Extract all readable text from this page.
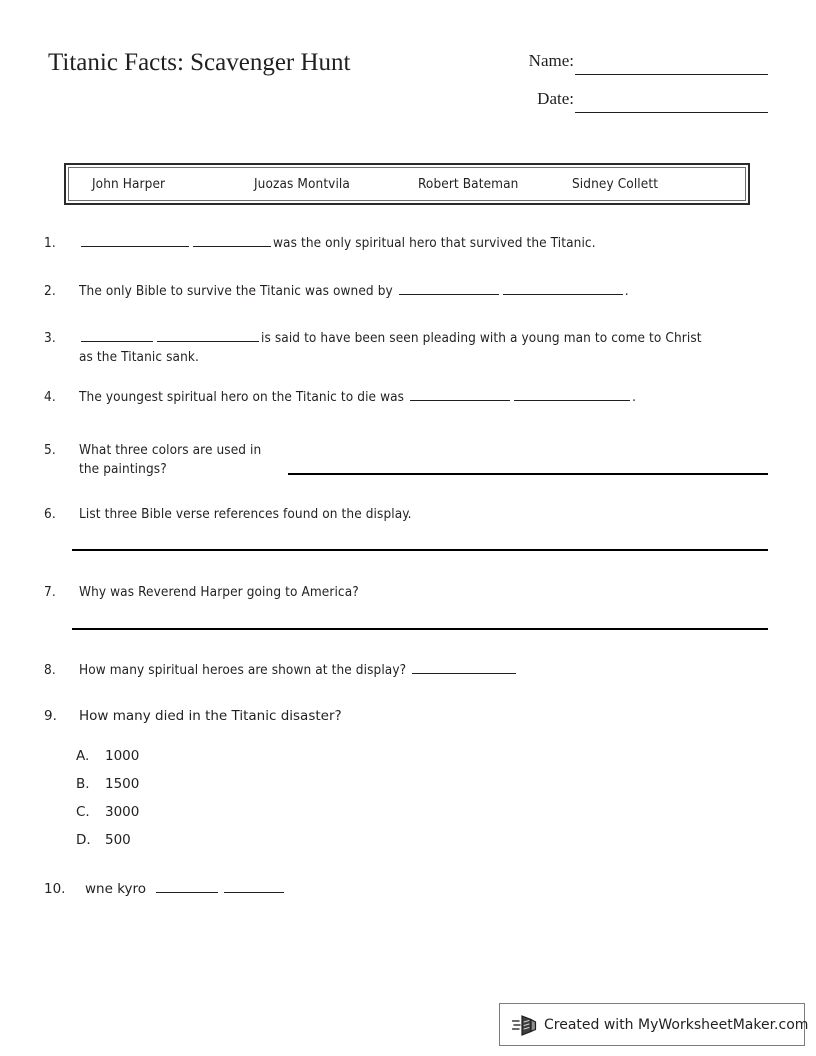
Titanic Facts: Scavenger Hunt	Name:
Date:
John Harper	Juozas Montvila	Robert Bateman	Sidney Collett
1.	was the only spiritual hero that survived the Titanic.
2.	The only Bible to survive the Titanic was owned by	.
3.	is said to have been seen pleading with a young man to come to Christ
as the Titanic sank.
4.	The youngest spiritual hero on the Titanic to die was	.
5.	What three colors are used in
the paintings?
6.	List three Bible verse references found on the display.
7.	Why was Reverend Harper going to America?
8.	How many spiritual heroes are shown at the display?
9.	How many died in the Titanic disaster?
A.	1000
B.	1500
C.	3000
D.	500
10.	wne kyro
Created with MyWorksheetMaker.com
